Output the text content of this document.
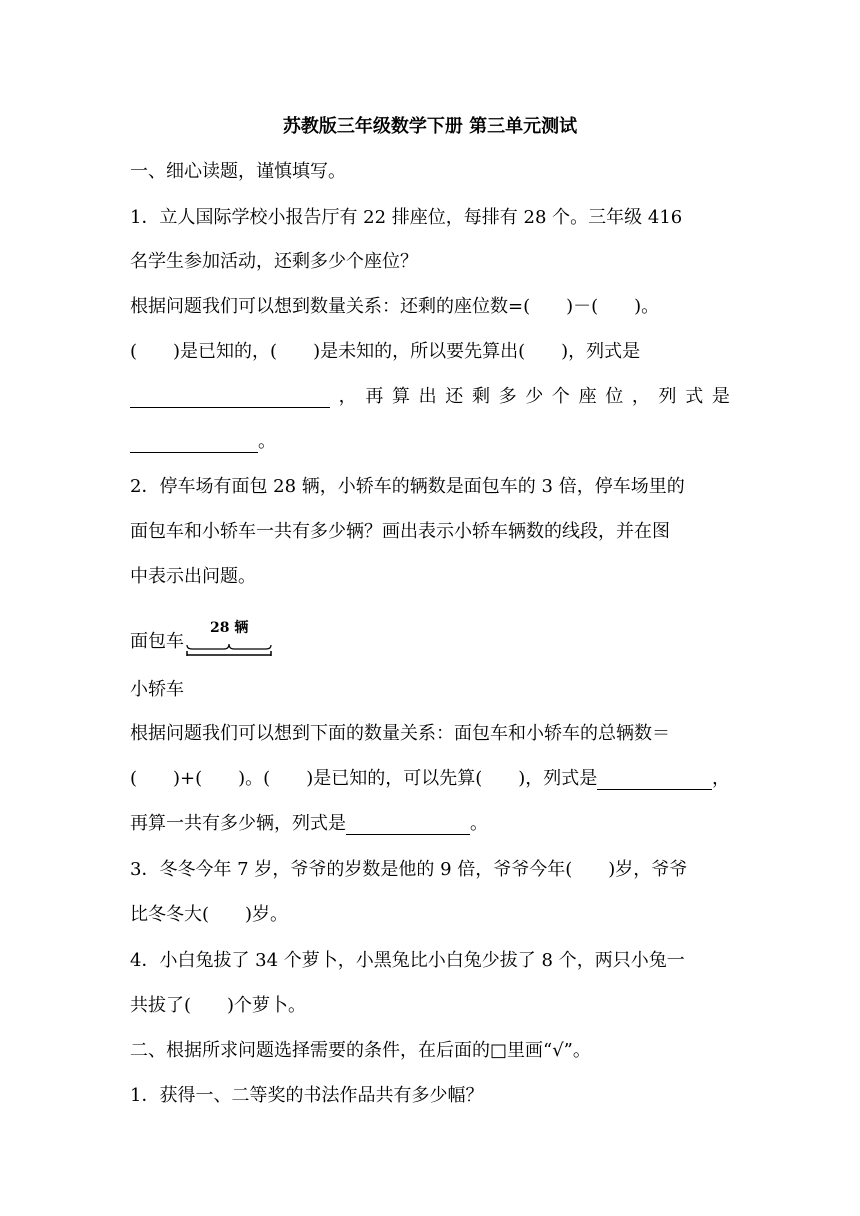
苏教版三年级数学下册 第三单元测试
一、细心读题，谨慎填写。
1．立人国际学校小报告厅有 22 排座位，每排有 28 个。三年级 416
名学生参加活动，还剩多少个座位？
根据问题我们可以想到数量关系：还剩的座位数=(　　)－(　　)。
(　　)是已知的，(　　)是未知的，所以要先算出(　　)，列式是
， 再 算 出 还 剩 多 少 个 座 位 ， 列 式 是
。
2．停车场有面包 28 辆，小轿车的辆数是面包车的 3 倍，停车场里的
面包车和小轿车一共有多少辆？画出表示小轿车辆数的线段，并在图
中表示出问题。
面包车
28 辆
小轿车
根据问题我们可以想到下面的数量关系：面包车和小轿车的总辆数＝
(　　)+(　　)。(　　)是已知的，可以先算(　　)，列式是	，
再算一共有多少辆，列式是	。
3．冬冬今年 7 岁，爷爷的岁数是他的 9 倍，爷爷今年(　　)岁，爷爷
比冬冬大(　　)岁。
4．小白兔拔了 34 个萝卜，小黑兔比小白兔少拔了 8 个，两只小兔一
共拔了(　　)个萝卜。
二、根据所求问题选择需要的条件，在后面的□里画“√”。
1．获得一、二等奖的书法作品共有多少幅？
